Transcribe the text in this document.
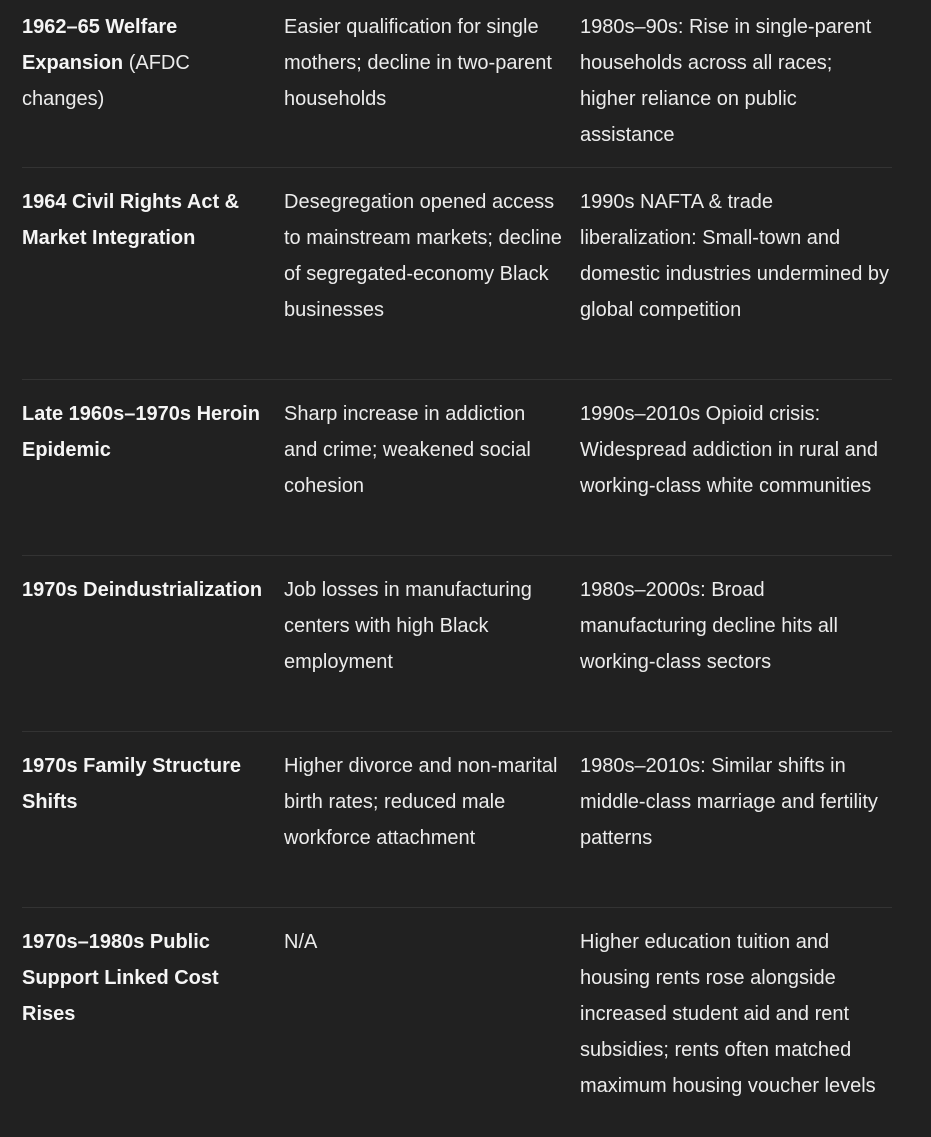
1962–65 Welfare Expansion (AFDC changes)
Easier qualification for single mothers; decline in two-parent households
1980s–90s: Rise in single-parent households across all races; higher reliance on public assistance
1964 Civil Rights Act & Market Integration
Desegregation opened access to mainstream markets; decline of segregated-economy Black businesses
1990s NAFTA & trade liberalization: Small-town and domestic industries undermined by global competition
Late 1960s–1970s Heroin Epidemic
Sharp increase in addiction and crime; weakened social cohesion
1990s–2010s Opioid crisis: Widespread addiction in rural and working-class white communities
1970s Deindustrialization	Job losses in manufacturing centers with high Black employment
1980s–2000s: Broad manufacturing decline hits all working-class sectors
1970s Family Structure Shifts
Higher divorce and non-marital birth rates; reduced male workforce attachment
1980s–2010s: Similar shifts in middle-class marriage and fertility patterns
1970s–1980s Public Support Linked Cost Rises
N/A	Higher education tuition and housing rents rose alongside increased student aid and rent subsidies; rents often matched maximum housing voucher levels
